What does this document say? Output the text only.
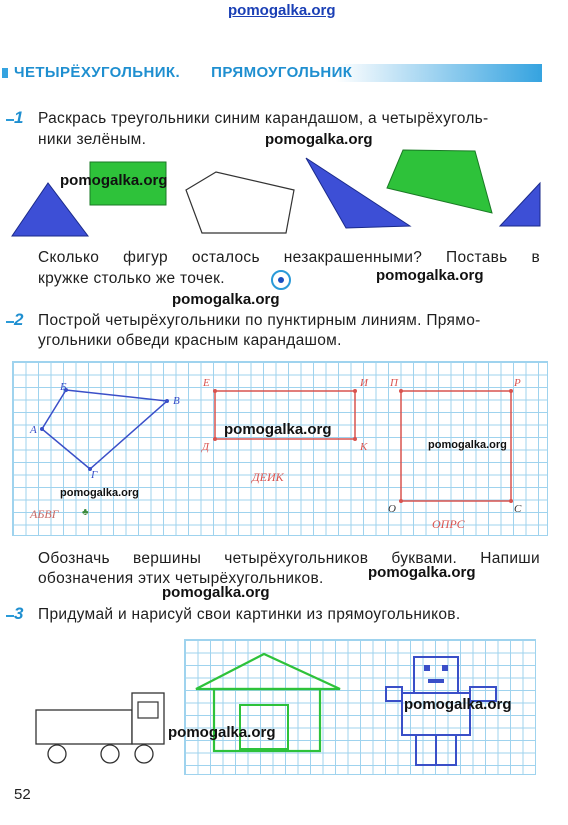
pomogalka.org
ЧЕТЫРЁХУГОЛЬНИК. ПРЯМОУГОЛЬНИК
1 Раскрась треугольники синим карандашом, а четырёхуголь-
ники зелёным.
Сколько фигур осталось незакрашенными? Поставь в
кружке столько же точек.
2 Построй четырёхугольники по пунктирным линиям. Прямо-
угольники обведи красным карандашом.
Б
В
А
Г
АБВГ ♣
Е	И
Д	К
ДЕИК
П	Р
О	С
ОПРС
Обозначь вершины четырёхугольников буквами. Напиши
обозначения этих четырёхугольников.
3 Придумай и нарисуй свои картинки из прямоугольников.
52
pomogalka.org
pomogalka.org
pomogalka.org
pomogalka.org
pomogalka.org
pomogalka.org
pomogalka.org
pomogalka.org
pomogalka.org
pomogalka.org
pomogalka.org
